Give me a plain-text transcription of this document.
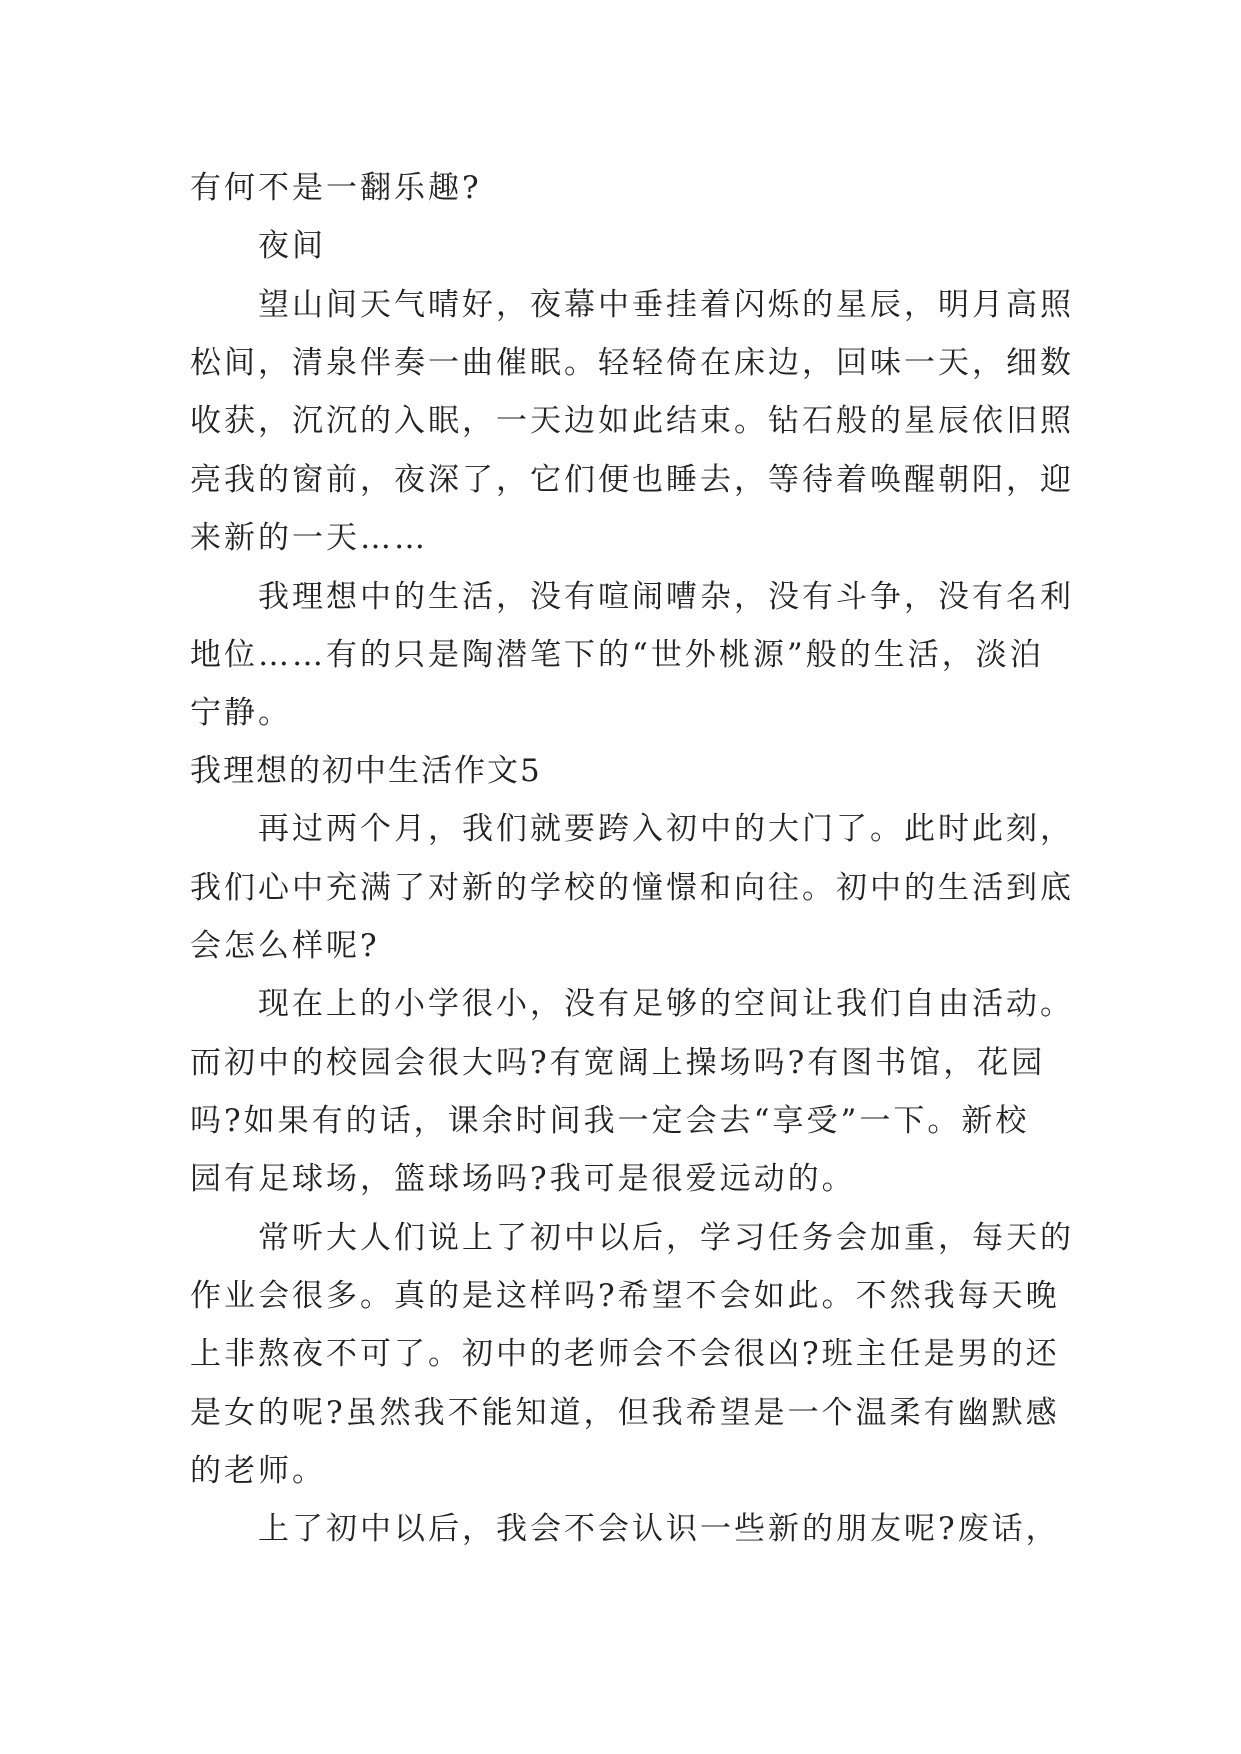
有何不是一翻乐趣?
夜间
望山间天气晴好，夜幕中垂挂着闪烁的星辰，明月高照
松间，清泉伴奏一曲催眠。轻轻倚在床边，回味一天，细数
收获，沉沉的入眠，一天边如此结束。钻石般的星辰依旧照
亮我的窗前，夜深了，它们便也睡去，等待着唤醒朝阳，迎
来新的一天……
我理想中的生活，没有喧闹嘈杂，没有斗争，没有名利
地位……有的只是陶潜笔下的“世外桃源”般的生活，淡泊
宁静。
我理想的初中生活作文5
再过两个月，我们就要跨入初中的大门了。此时此刻，
我们心中充满了对新的学校的憧憬和向往。初中的生活到底
会怎么样呢?
现在上的小学很小，没有足够的空间让我们自由活动。
而初中的校园会很大吗?有宽阔上操场吗?有图书馆，花园
吗?如果有的话，课余时间我一定会去“享受”一下。新校
园有足球场，篮球场吗?我可是很爱远动的。
常听大人们说上了初中以后，学习任务会加重，每天的
作业会很多。真的是这样吗?希望不会如此。不然我每天晚
上非熬夜不可了。初中的老师会不会很凶?班主任是男的还
是女的呢?虽然我不能知道，但我希望是一个温柔有幽默感
的老师。
上了初中以后，我会不会认识一些新的朋友呢?废话，
